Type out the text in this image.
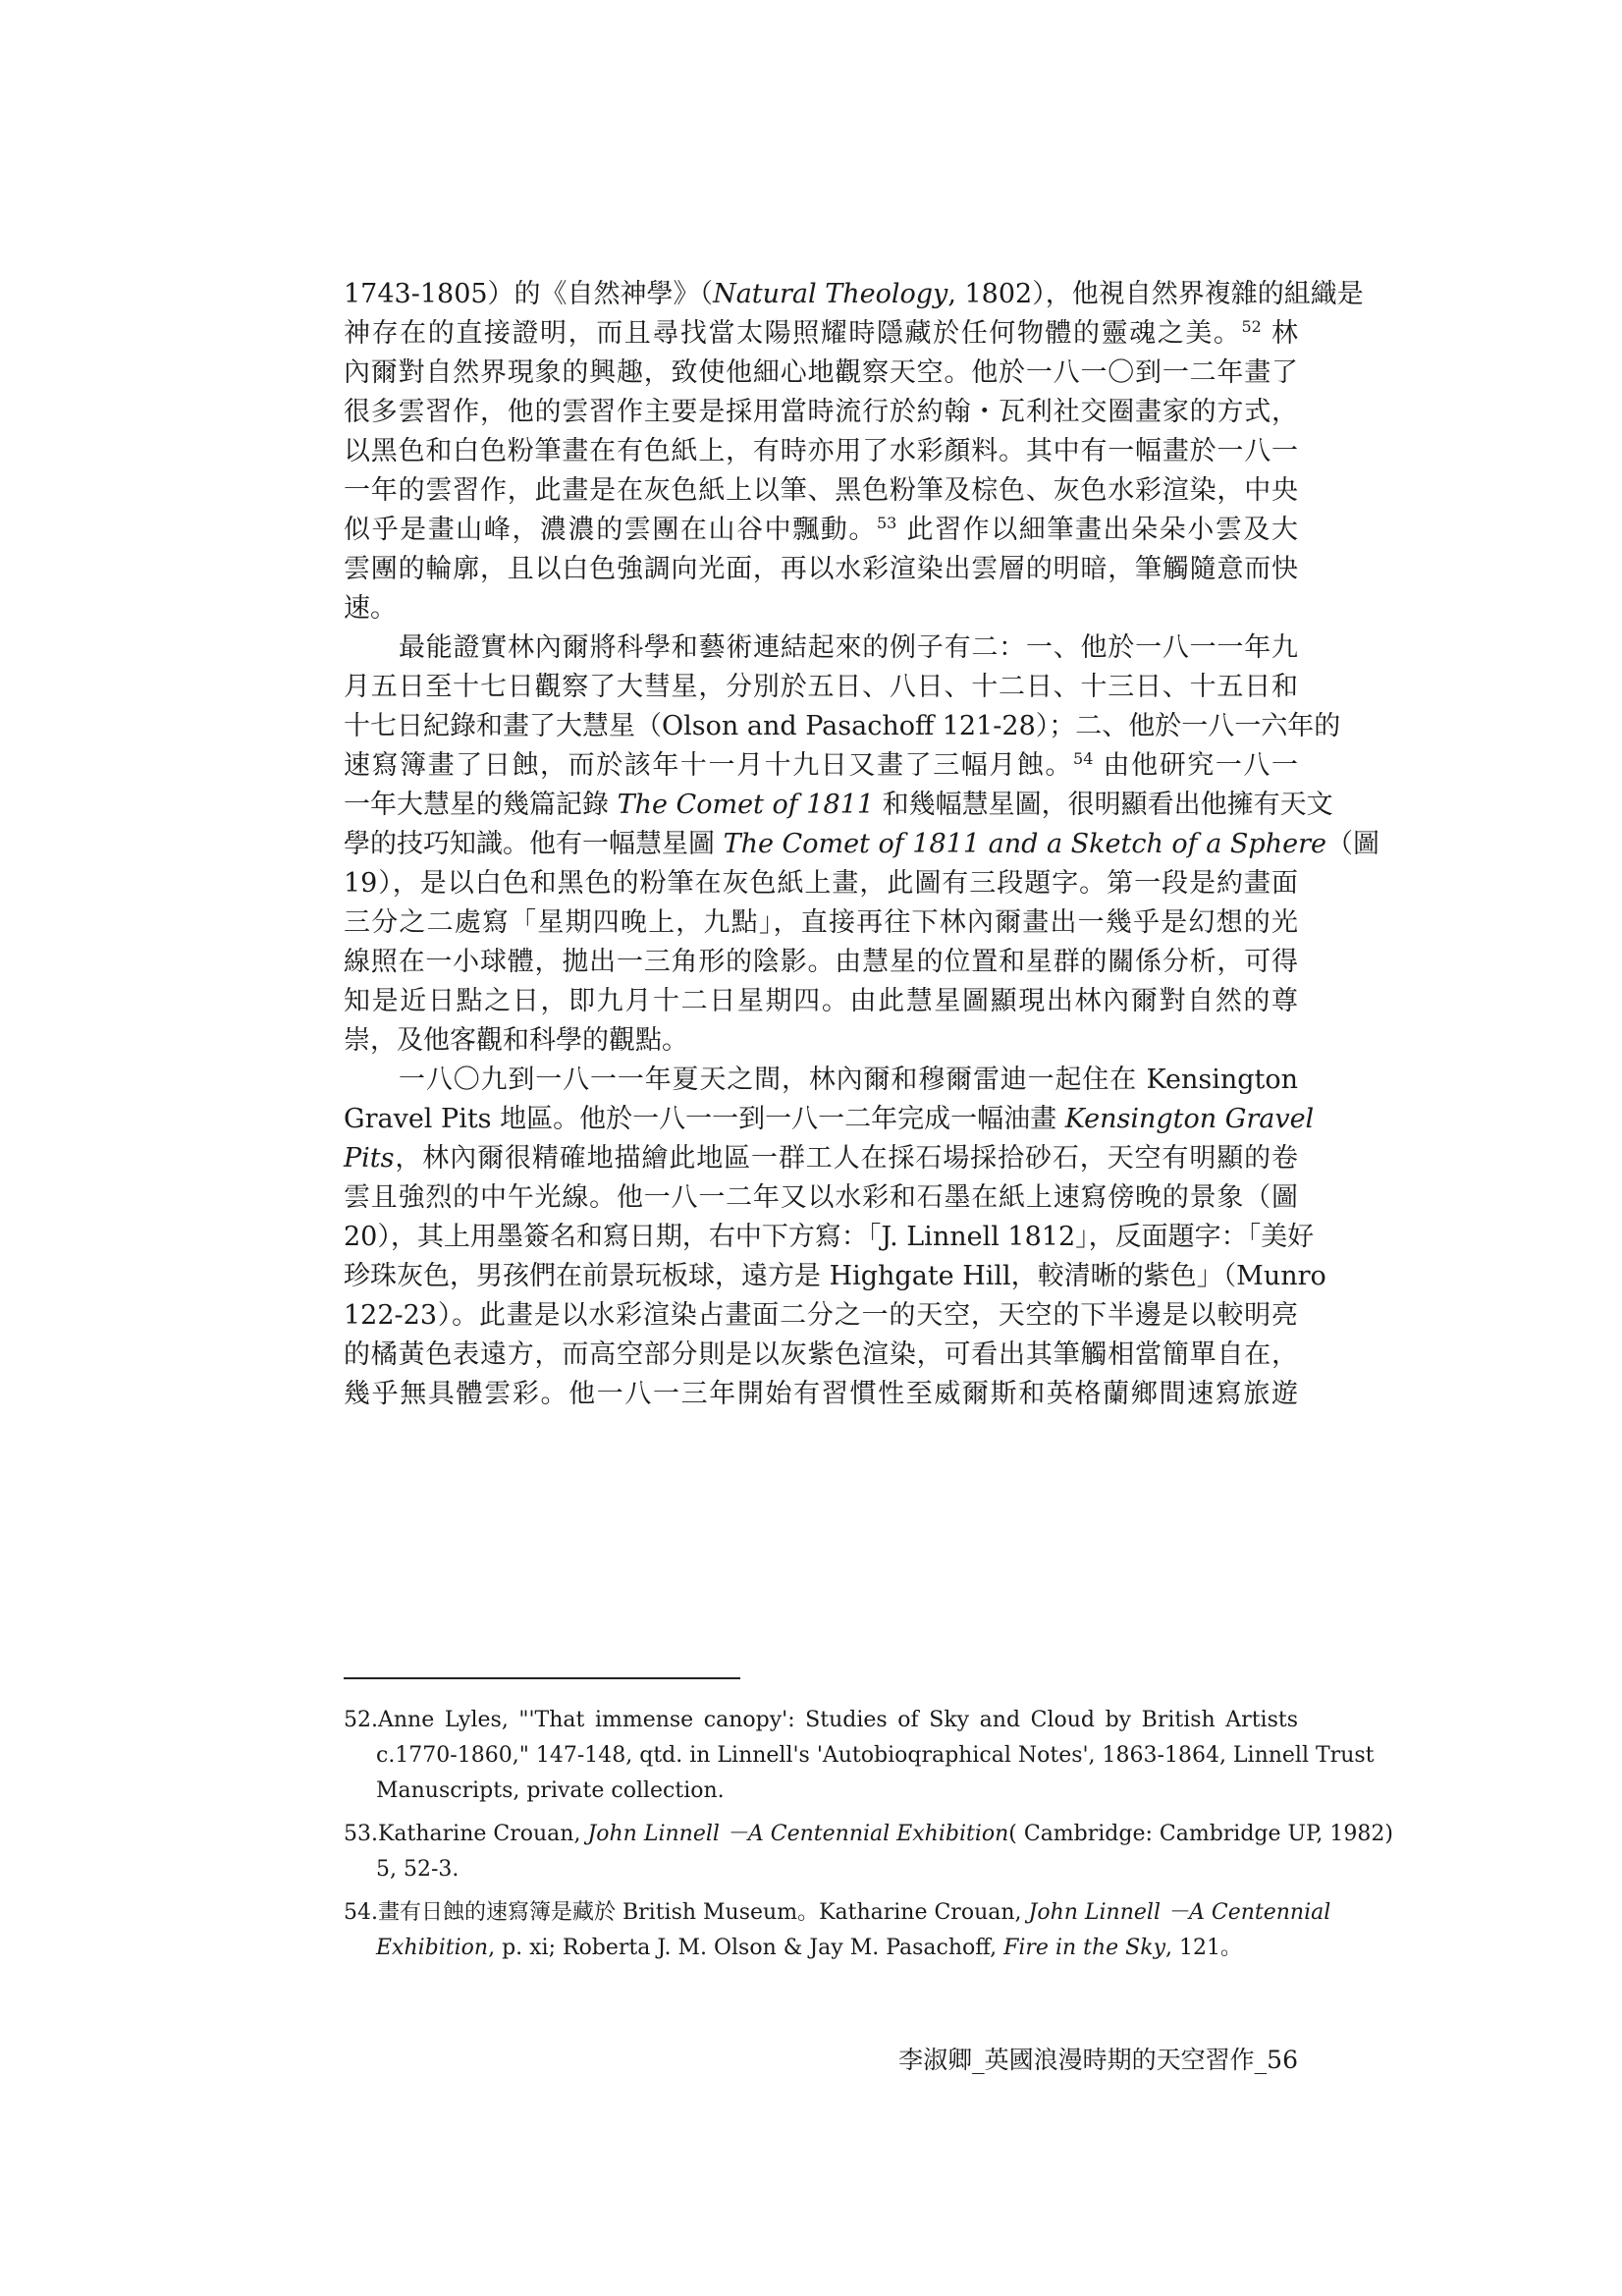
1743-1805）的《自然神學》（Natural Theology, 1802），他視自然界複雜的組織是
神存在的直接證明，而且尋找當太陽照耀時隱藏於任何物體的靈魂之美。$^{52}$ 林
內爾對自然界現象的興趣，致使他細心地觀察天空。他於一八一〇到一二年畫了
很多雲習作，他的雲習作主要是採用當時流行於約翰・瓦利社交圈畫家的方式，
以黑色和白色粉筆畫在有色紙上，有時亦用了水彩顏料。其中有一幅畫於一八一
一年的雲習作，此畫是在灰色紙上以筆、黑色粉筆及棕色、灰色水彩渲染，中央
似乎是畫山峰，濃濃的雲團在山谷中飄動。$^{53}$ 此習作以細筆畫出朵朵小雲及大
雲團的輪廓，且以白色強調向光面，再以水彩渲染出雲層的明暗，筆觸隨意而快
速。
最能證實林內爾將科學和藝術連結起來的例子有二：一、他於一八一一年九
月五日至十七日觀察了大彗星，分別於五日、八日、十二日、十三日、十五日和
十七日紀錄和畫了大慧星（Olson and Pasachoff 121-28）；二、他於一八一六年的
速寫簿畫了日蝕，而於該年十一月十九日又畫了三幅月蝕。$^{54}$ 由他研究一八一
一年大慧星的幾篇記錄 The Comet of 1811 和幾幅慧星圖，很明顯看出他擁有天文
學的技巧知識。他有一幅慧星圖 The Comet of 1811 and a Sketch of a Sphere（圖
19），是以白色和黑色的粉筆在灰色紙上畫，此圖有三段題字。第一段是約畫面
三分之二處寫「星期四晚上，九點」，直接再往下林內爾畫出一幾乎是幻想的光
線照在一小球體，拋出一三角形的陰影。由慧星的位置和星群的關係分析，可得
知是近日點之日，即九月十二日星期四。由此慧星圖顯現出林內爾對自然的尊
崇，及他客觀和科學的觀點。
一八〇九到一八一一年夏天之間，林內爾和穆爾雷迪一起住在 Kensington
Gravel Pits 地區。他於一八一一到一八一二年完成一幅油畫 Kensington Gravel
Pits，林內爾很精確地描繪此地區一群工人在採石場採拾砂石，天空有明顯的卷
雲且強烈的中午光線。他一八一二年又以水彩和石墨在紙上速寫傍晚的景象（圖
20），其上用墨簽名和寫日期，右中下方寫：「J. Linnell 1812」，反面題字：「美好
珍珠灰色，男孩們在前景玩板球，遠方是 Highgate Hill，較清晰的紫色」（Munro
122-23）。此畫是以水彩渲染占畫面二分之一的天空，天空的下半邊是以較明亮
的橘黃色表遠方，而高空部分則是以灰紫色渲染，可看出其筆觸相當簡單自在，
幾乎無具體雲彩。他一八一三年開始有習慣性至威爾斯和英格蘭鄉間速寫旅遊
52.Anne Lyles, "'That immense canopy': Studies of Sky and Cloud by British Artists
c.1770-1860," 147-148, qtd. in Linnell's 'Autobioqraphical Notes', 1863-1864, Linnell Trust
Manuscripts, private collection.
53.Katharine Crouan, John Linnell －A Centennial Exhibition( Cambridge: Cambridge UP, 1982)
5, 52-3.
54.畫有日蝕的速寫簿是藏於 British Museum。Katharine Crouan, John Linnell －A Centennial
Exhibition, p. xi; Roberta J. M. Olson & Jay M. Pasachoff, Fire in the Sky, 121。
李淑卿_英國浪漫時期的天空習作_56
